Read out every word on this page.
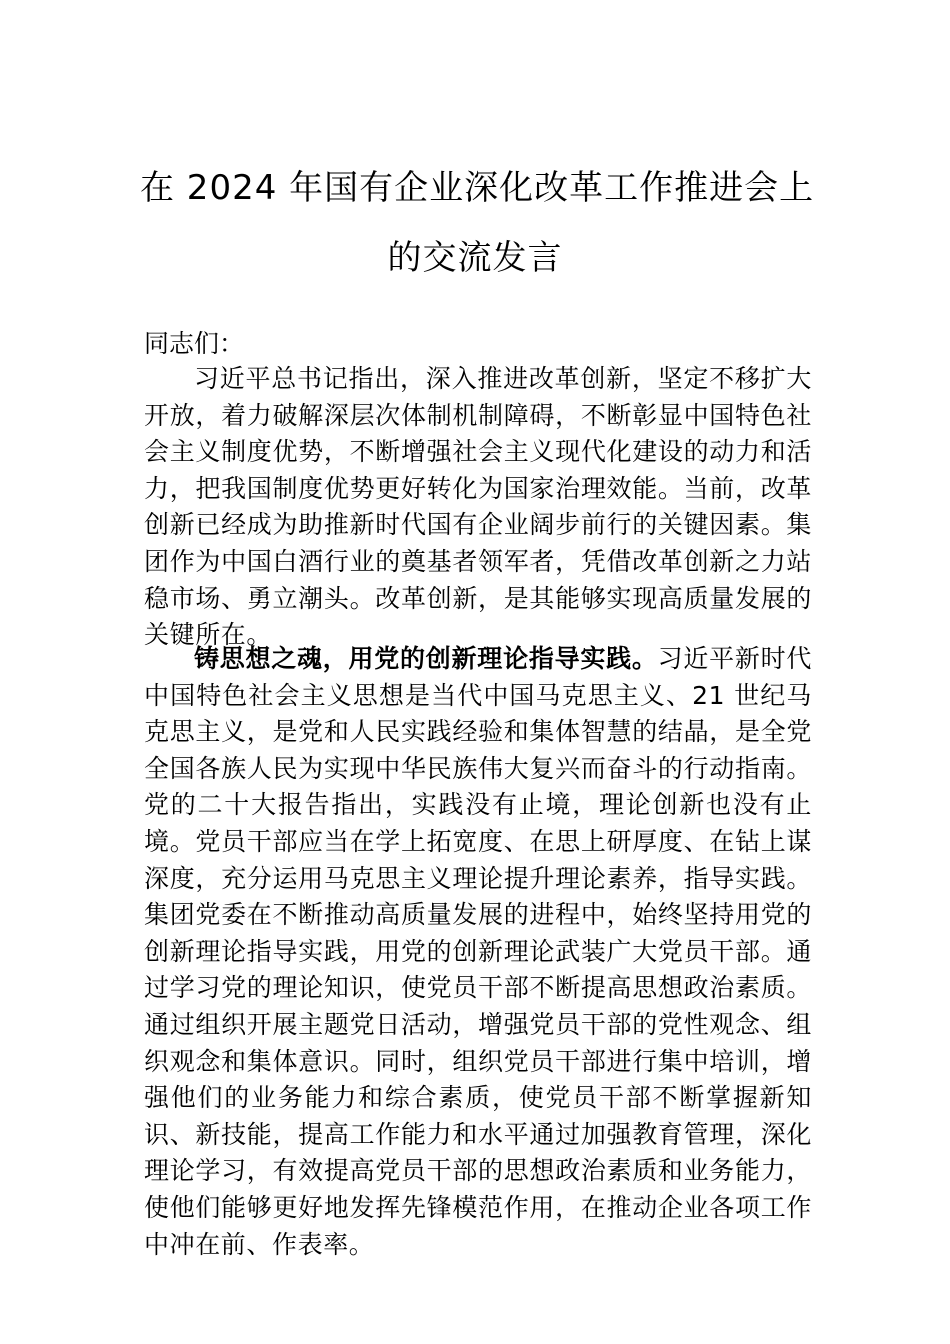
在 2024 年国有企业深化改革工作推进会上
的交流发言

同志们：

习近平总书记指出，深入推进改革创新，坚定不移扩大开放，着力破解深层次体制机制障碍，不断彰显中国特色社会主义制度优势，不断增强社会主义现代化建设的动力和活力，把我国制度优势更好转化为国家治理效能。当前，改革创新已经成为助推新时代国有企业阔步前行的关键因素。集团作为中国白酒行业的奠基者领军者，凭借改革创新之力站稳市场、勇立潮头。改革创新，是其能够实现高质量发展的关键所在。

铸思想之魂，用党的创新理论指导实践。习近平新时代中国特色社会主义思想是当代中国马克思主义、21 世纪马克思主义，是党和人民实践经验和集体智慧的结晶，是全党全国各族人民为实现中华民族伟大复兴而奋斗的行动指南。党的二十大报告指出，实践没有止境，理论创新也没有止境。党员干部应当在学上拓宽度、在思上研厚度、在钻上谋深度，充分运用马克思主义理论提升理论素养，指导实践。集团党委在不断推动高质量发展的进程中，始终坚持用党的创新理论指导实践，用党的创新理论武装广大党员干部。通过学习党的理论知识，使党员干部不断提高思想政治素质。通过组织开展主题党日活动，增强党员干部的党性观念、组织观念和集体意识。同时，组织党员干部进行集中培训，增强他们的业务能力和综合素质，使党员干部不断掌握新知识、新技能，提高工作能力和水平通过加强教育管理，深化理论学习，有效提高党员干部的思想政治素质和业务能力，使他们能够更好地发挥先锋模范作用，在推动企业各项工作中冲在前、作表率。
